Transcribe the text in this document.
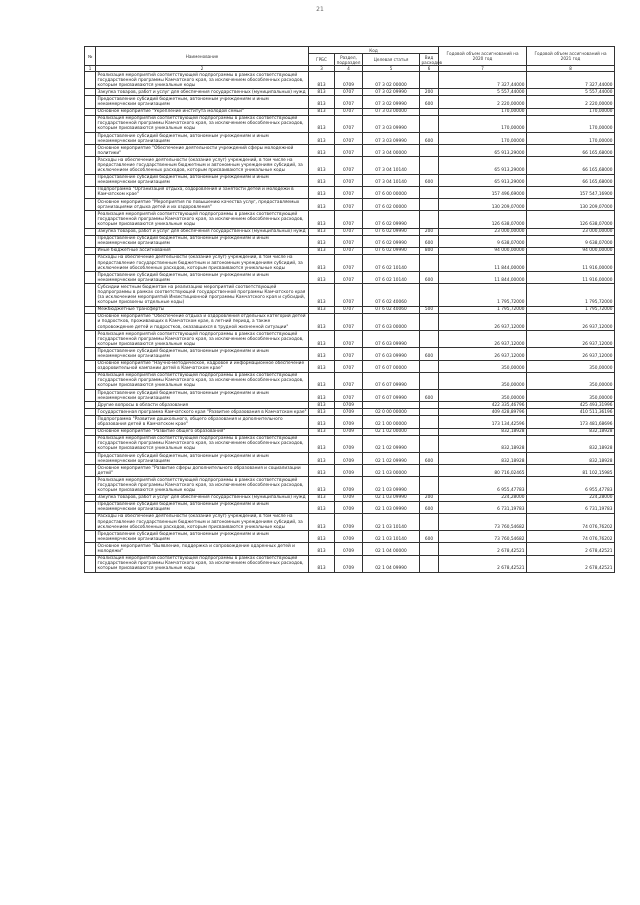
21
№	Наименование	Код				Годовой объем ассигнований на 2020 год	Годовой объем ассигнований на 2021 год
		ГРБС	Раздел, подраздел	Целевая статья	Вид расходов		
1	2	3	4	5	6	7	8
	Реализация мероприятий соответствующей подпрограммы в рамках соответствующей государственной программы Камчатского края, за исключением обособленных расходов, которым присваиваются уникальные коды	813	0709	07 3 02 00000		7 327,44000	7 327,44000
	Закупка товаров, работ и услуг для обеспечения государственных (муниципальных) нужд	813	0707	07 3 02 09990	200	5 557,44000	5 557,44000
	Предоставление субсидий бюджетным, автономным учреждениям и иным некоммерческим организациям	813	0707	07 3 02 09990	600	2 220,00000	2 220,00000
	Основное мероприятие "Укрепление института молодой семьи"	813	0707	07 3 03 00000		170,00000	170,00000
	Реализация мероприятий соответствующей подпрограммы в рамках соответствующей государственной программы Камчатского края, за исключением обособленных расходов, которым присваиваются уникальные коды	813	0707	07 3 03 09990		170,00000	170,00000
	Предоставление субсидий бюджетным, автономным учреждениям и иным некоммерческим организациям	813	0707	07 3 03 09990	600	170,00000	170,00000
	Основное мероприятие "Обеспечение деятельности учреждений сферы молодежной политики"	813	0707	07 3 04 00000		65 913,29000	66 165,68000
	Расходы на обеспечение деятельности (оказание услуг) учреждений, в том числе на предоставление государственным бюджетным и автономным учреждениям субсидий, за исключением обособленных расходов, которым присваиваются уникальные коды	813	0707	07 3 04 10140		65 913,29000	66 165,68000
	Предоставление субсидий бюджетным, автономным учреждениям и иным некоммерческим организациям	813	0707	07 3 04 10140	600	65 913,29000	66 165,68000
	Подпрограмма "Организация отдыха, оздоровления и занятости детей и молодежи в Камчатском крае"	813	0707	07 6 00 00000		157 496,69000	157 547,16900
	Основное мероприятие "Мероприятия по повышению качества услуг, предоставляемых организациями отдыха детей и их оздоровления"	813	0707	07 6 02 00000		130 209,07000	130 209,07000
	Реализация мероприятий соответствующей подпрограммы в рамках соответствующей государственной программы Камчатского края, за исключением обособленных расходов, которым присваиваются уникальные коды	813	0707	07 6 02 09990		126 638,07000	126 638,07000
	Закупка товаров, работ и услуг для обеспечения государственных (муниципальных) нужд	813	0707	07 6 02 09990	200	23 000,00000	23 000,00000
	Предоставление субсидий бюджетным, автономным учреждениям и иным некоммерческим организациям	813	0707	07 6 02 09990	600	9 638,07000	9 638,07000
	Иные бюджетные ассигнования	813	0707	07 6 02 09990	800	94 000,00000	94 000,00000
	Расходы на обеспечение деятельности (оказание услуг) учреждений, в том числе на предоставление государственным бюджетным и автономным учреждениям субсидий, за исключением обособленных расходов, которым присваиваются уникальные коды	813	0707	07 6 02 10140		11 844,00000	11 916,00000
	Предоставление субсидий бюджетным, автономным учреждениям и иным некоммерческим организациям	813	0707	07 6 02 10140	600	11 844,00000	11 916,00000
	Субсидии местным бюджетам на реализацию мероприятий соответствующей подпрограммы в рамках соответствующей государственной программы Камчатского края (за исключением мероприятий Инвестиционной программы Камчатского края и субсидий, которым присвоены отдельные коды)	813	0707	07 6 02 40060		1 795,72000	1 795,72000
	Межбюджетные трансферты	813	0707	07 6 02 40060	500	1 795,72000	1 795,72000
	Основное мероприятие "Обеспечение отдыха и оздоровления отдельных категорий детей и подростков, проживающих в Камчатском крае, в летний период, а также сопровождение детей и подростков, оказавшихся в трудной жизненной ситуации"	813	0707	07 6 03 00000		26 937,12000	26 937,12000
	Реализация мероприятий соответствующей подпрограммы в рамках соответствующей государственной программы Камчатского края, за исключением обособленных расходов, которым присваиваются уникальные коды	813	0707	07 6 03 09990		26 937,12000	26 937,12000
	Предоставление субсидий бюджетным, автономным учреждениям и иным некоммерческим организациям	813	0707	07 6 03 09990	600	26 937,12000	26 937,12000
	Основное мероприятие "Научно-методическое, кадровое и информационное обеспечение оздоровительной кампании детей в Камчатском крае"	813	0707	07 6 07 00000		350,00000	350,00000
	Реализация мероприятий соответствующей подпрограммы в рамках соответствующей государственной программы Камчатского края, за исключением обособленных расходов, которым присваиваются уникальные коды	813	0707	07 6 07 09990		350,00000	350,00000
	Предоставление субсидий бюджетным, автономным учреждениям и иным некоммерческим организациям	813	0707	07 6 07 09990	600	350,00000	350,00000
	Другие вопросы в области образования	813	0709			422 335,46796	425 493,31996
	Государственная программа Камчатского края "Развитие образования в Камчатском крае"	813	0709	02 0 00 00000		409 428,89796	410 511,36196
	Подпрограмма "Развитие дошкольного, общего образования и дополнительного образования детей в Камчатском крае"	813	0709	02 1 00 00000		173 134,42596	173 481,68696
	Основное мероприятие "Развитие общего образования"	813	0709	02 1 02 00000		832,18928	832,18928
	Реализация мероприятий соответствующей подпрограммы в рамках соответствующей государственной программы Камчатского края, за исключением обособленных расходов, которым присваиваются уникальные коды	813	0709	02 1 02 09990		832,18928	832,18928
	Предоставление субсидий бюджетным, автономным учреждениям и иным некоммерческим организациям	813	0709	02 1 02 09990	600	832,18928	832,18928
	Основное мероприятие "Развитие сферы дополнительного образования и социализации детей"	813	0709	02 1 03 00000		80 716,02465	81 102,15985
	Реализация мероприятий соответствующей подпрограммы в рамках соответствующей государственной программы Камчатского края, за исключением обособленных расходов, которым присваиваются уникальные коды	813	0709	02 1 03 09990		6 955,47783	6 955,47783
	Закупка товаров, работ и услуг для обеспечения государственных (муниципальных) нужд	813	0709	02 1 03 09990	200	224,28000	224,28000
	Предоставление субсидий бюджетным, автономным учреждениям и иным некоммерческим организациям	813	0709	02 1 03 09990	600	6 731,19783	6 731,19783
	Расходы на обеспечение деятельности (оказание услуг) учреждений, в том числе на предоставление государственным бюджетным и автономным учреждениям субсидий, за исключением обособленных расходов, которым присваиваются уникальные коды	813	0709	02 1 03 10140		73 760,54682	74 076,76202
	Предоставление субсидий бюджетным, автономным учреждениям и иным некоммерческим организациям	813	0709	02 1 03 10140	600	73 760,54682	74 076,76202
	Основное мероприятие "Выявление, поддержка и сопровождение одаренных детей и молодежи"	813	0709	02 1 04 00000		2 678,42521	2 678,42521
	Реализация мероприятий соответствующей подпрограммы в рамках соответствующей государственной программы Камчатского края, за исключением обособленных расходов, которым присваиваются уникальные коды	813	0709	02 1 04 09990		2 678,42521	2 678,42521
